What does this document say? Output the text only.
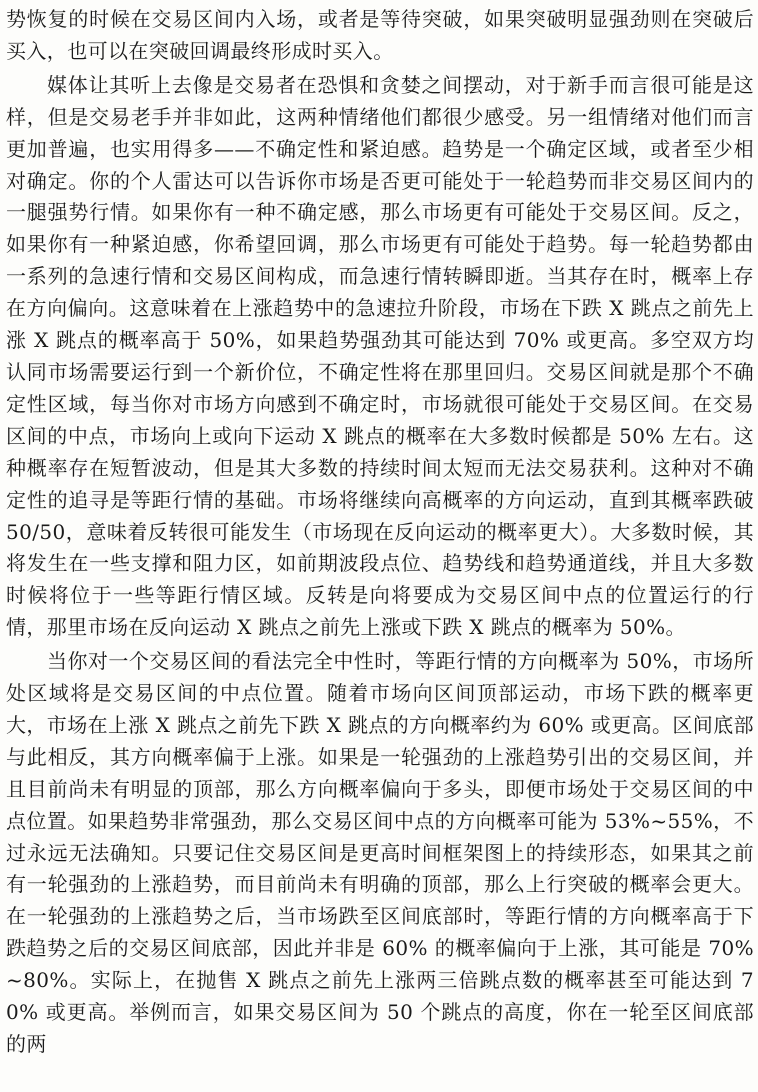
势恢复的时候在交易区间内入场，或者是等待突破，如果突破明显强劲则在突破后买入，也可以在突破回调最终形成时买入。

媒体让其听上去像是交易者在恐惧和贪婪之间摆动，对于新手而言很可能是这样，但是交易老手并非如此，这两种情绪他们都很少感受。另一组情绪对他们而言更加普遍，也实用得多——不确定性和紧迫感。趋势是一个确定区域，或者至少相对确定。你的个人雷达可以告诉你市场是否更可能处于一轮趋势而非交易区间内的一腿强势行情。如果你有一种不确定感，那么市场更有可能处于交易区间。反之，如果你有一种紧迫感，你希望回调，那么市场更有可能处于趋势。每一轮趋势都由一系列的急速行情和交易区间构成，而急速行情转瞬即逝。当其存在时，概率上存在方向偏向。这意味着在上涨趋势中的急速拉升阶段，市场在下跌 X 跳点之前先上涨 X 跳点的概率高于 50%，如果趋势强劲其可能达到 70% 或更高。多空双方均认同市场需要运行到一个新价位，不确定性将在那里回归。交易区间就是那个不确定性区域，每当你对市场方向感到不确定时，市场就很可能处于交易区间。在交易区间的中点，市场向上或向下运动 X 跳点的概率在大多数时候都是 50% 左右。这种概率存在短暂波动，但是其大多数的持续时间太短而无法交易获利。这种对不确定性的追寻是等距行情的基础。市场将继续向高概率的方向运动，直到其概率跌破 50/50，意味着反转很可能发生（市场现在反向运动的概率更大）。大多数时候，其将发生在一些支撑和阻力区，如前期波段点位、趋势线和趋势通道线，并且大多数时候将位于一些等距行情区域。反转是向将要成为交易区间中点的位置运行的行情，那里市场在反向运动 X 跳点之前先上涨或下跌 X 跳点的概率为 50%。

当你对一个交易区间的看法完全中性时，等距行情的方向概率为 50%，市场所处区域将是交易区间的中点位置。随着市场向区间顶部运动，市场下跌的概率更大，市场在上涨 X 跳点之前先下跌 X 跳点的方向概率约为 60% 或更高。区间底部与此相反，其方向概率偏于上涨。如果是一轮强劲的上涨趋势引出的交易区间，并且目前尚未有明显的顶部，那么方向概率偏向于多头，即便市场处于交易区间的中点位置。如果趋势非常强劲，那么交易区间中点的方向概率可能为 53%~55%，不过永远无法确知。只要记住交易区间是更高时间框架图上的持续形态，如果其之前有一轮强劲的上涨趋势，而目前尚未有明确的顶部，那么上行突破的概率会更大。在一轮强劲的上涨趋势之后，当市场跌至区间底部时，等距行情的方向概率高于下跌趋势之后的交易区间底部，因此并非是 60% 的概率偏向于上涨，其可能是 70%~80%。实际上，在抛售 X 跳点之前先上涨两三倍跳点数的概率甚至可能达到 70% 或更高。举例而言，如果交易区间为 50 个跳点的高度，你在一轮至区间底部的两
